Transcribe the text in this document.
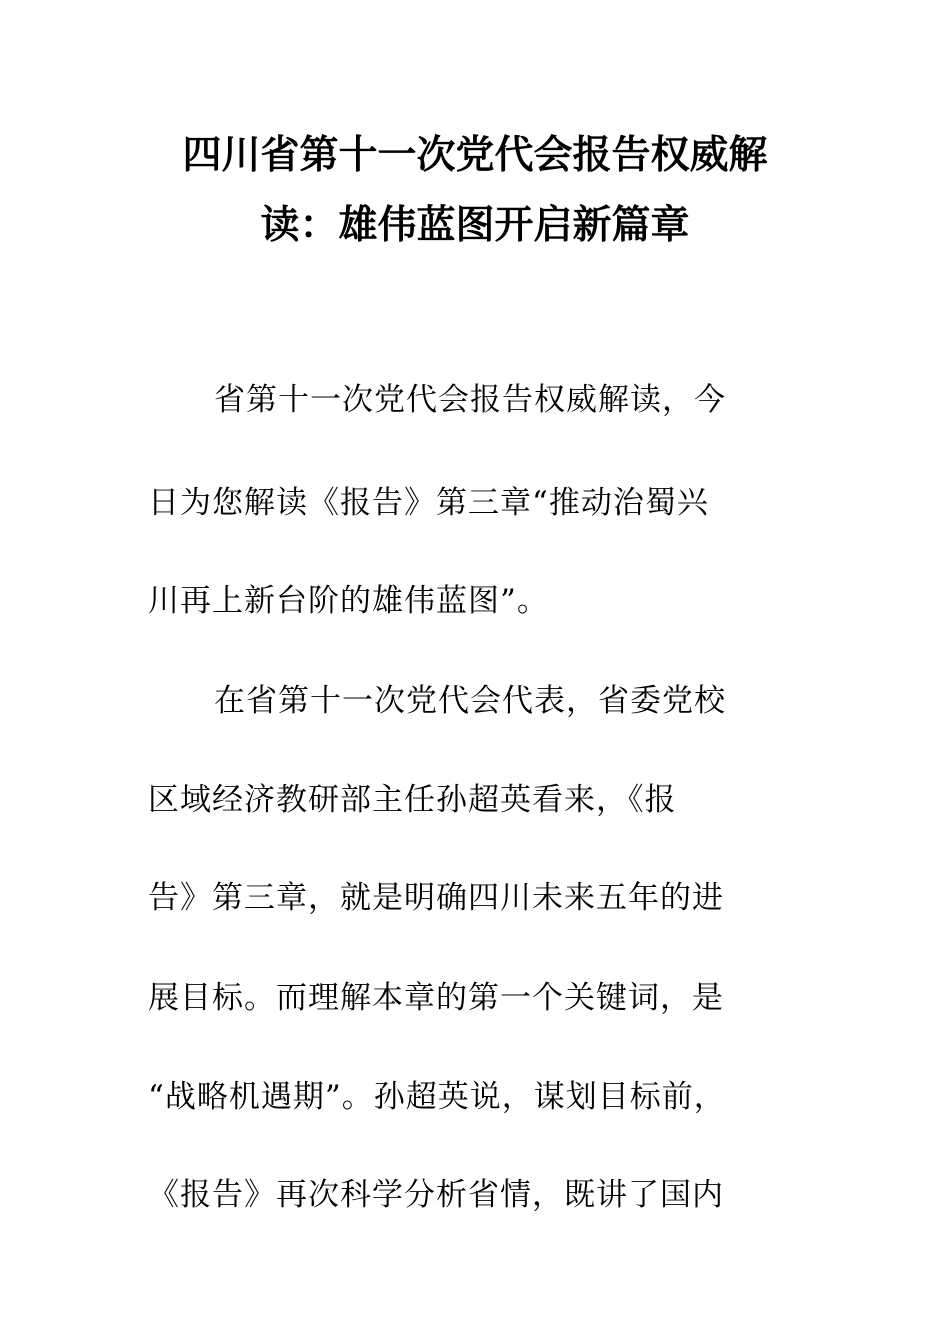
四川省第十一次党代会报告权威解
读：雄伟蓝图开启新篇章

省第十一次党代会报告权威解读，今

日为您解读《报告》第三章“推动治蜀兴

川再上新台阶的雄伟蓝图”。

在省第十一次党代会代表，省委党校

区域经济教研部主任孙超英看来，《报

告》第三章，就是明确四川未来五年的进

展目标。而理解本章的第一个关键词，是

“战略机遇期”。孙超英说，谋划目标前，

《报告》再次科学分析省情，既讲了国内
